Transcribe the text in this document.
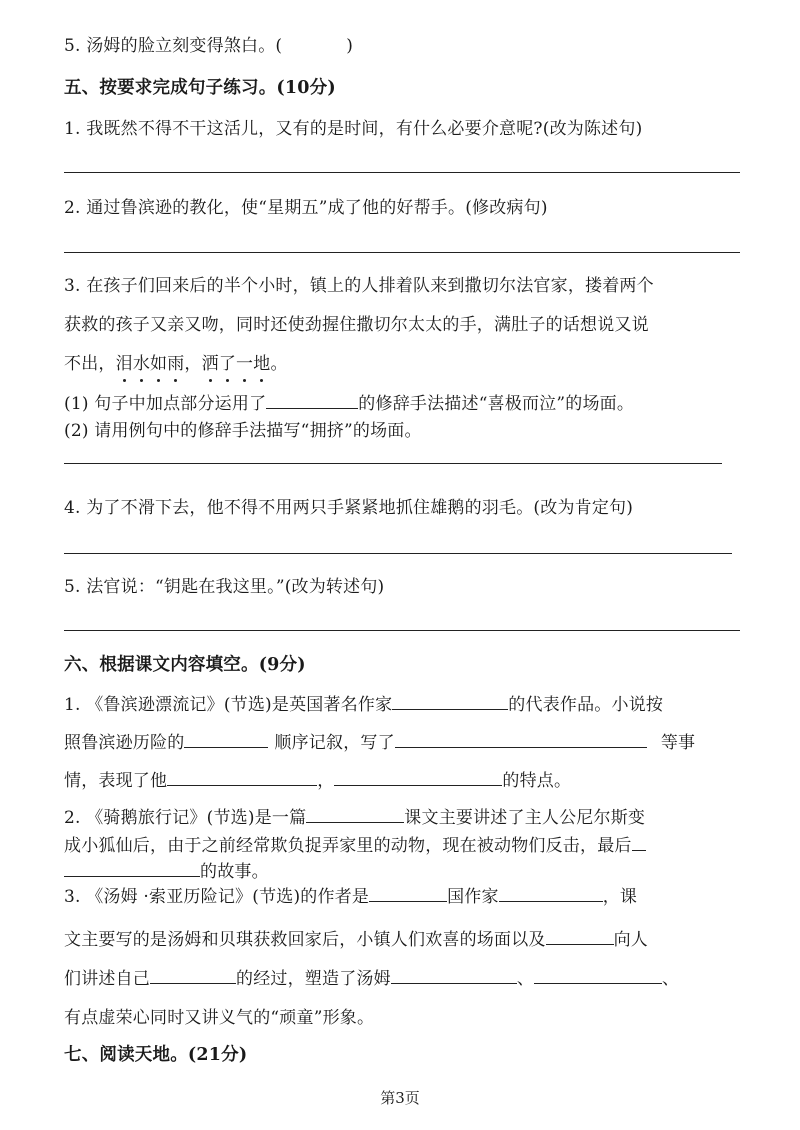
5. 汤姆的脸立刻变得煞白。(	)
五、按要求完成句子练习。(10分)
1. 我既然不得不干这活儿，又有的是时间，有什么必要介意呢?(改为陈述句)
2. 通过鲁滨逊的教化，使“星期五”成了他的好帮手。(修改病句)
3. 在孩子们回来后的半个小时，镇上的人排着队来到撒切尔法官家，搂着两个
获救的孩子又亲又吻，同时还使劲握住撒切尔太太的手，满肚子的话想说又说
不出，泪水如雨，洒了一地。
(1) 句子中加点部分运用了	的修辞手法描述“喜极而泣”的场面。
(2) 请用例句中的修辞手法描写“拥挤”的场面。
4. 为了不滑下去，他不得不用两只手紧紧地抓住雄鹅的羽毛。(改为肯定句)
5. 法官说：“钥匙在我这里。”(改为转述句)
六、根据课文内容填空。(9分)
1. 《鲁滨逊漂流记》(节选)是英国著名作家	的代表作品。小说按
照鲁滨逊历险的	顺序记叙，写了	等事
情，表现了他	，	的特点。
2. 《骑鹅旅行记》(节选)是一篇	课文主要讲述了主人公尼尔斯变
成小狐仙后，由于之前经常欺负捉弄家里的动物，现在被动物们反击，最后
的故事。
3. 《汤姆 ·索亚历险记》(节选)的作者是	国作家	，课
文主要写的是汤姆和贝琪获救回家后，小镇人们欢喜的场面以及	向人
们讲述自己	的经过，塑造了汤姆	、	、
有点虚荣心同时又讲义气的“顽童”形象。
七、阅读天地。(21分)
第3页
